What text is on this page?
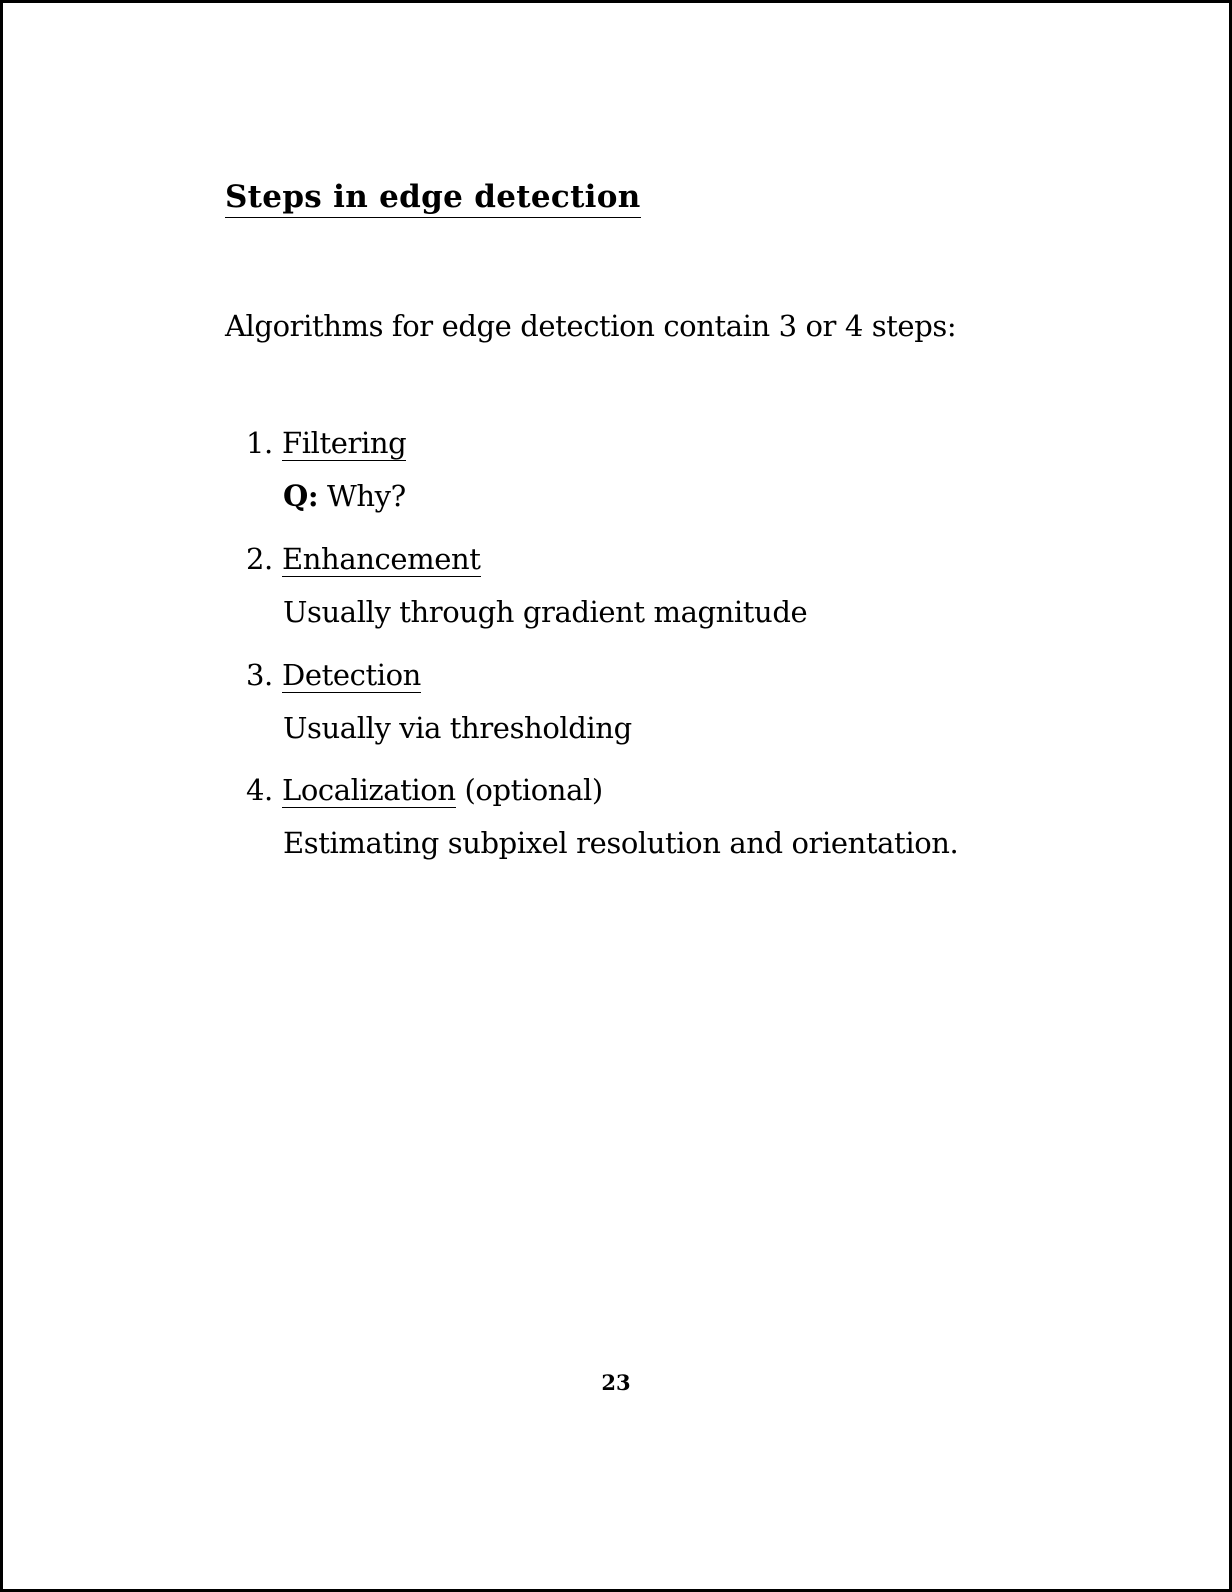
Steps in edge detection

Algorithms for edge detection contain 3 or 4 steps:

1. Filtering
Q: Why?
2. Enhancement
Usually through gradient magnitude
3. Detection
Usually via thresholding
4. Localization (optional)
Estimating subpixel resolution and orientation.
23
